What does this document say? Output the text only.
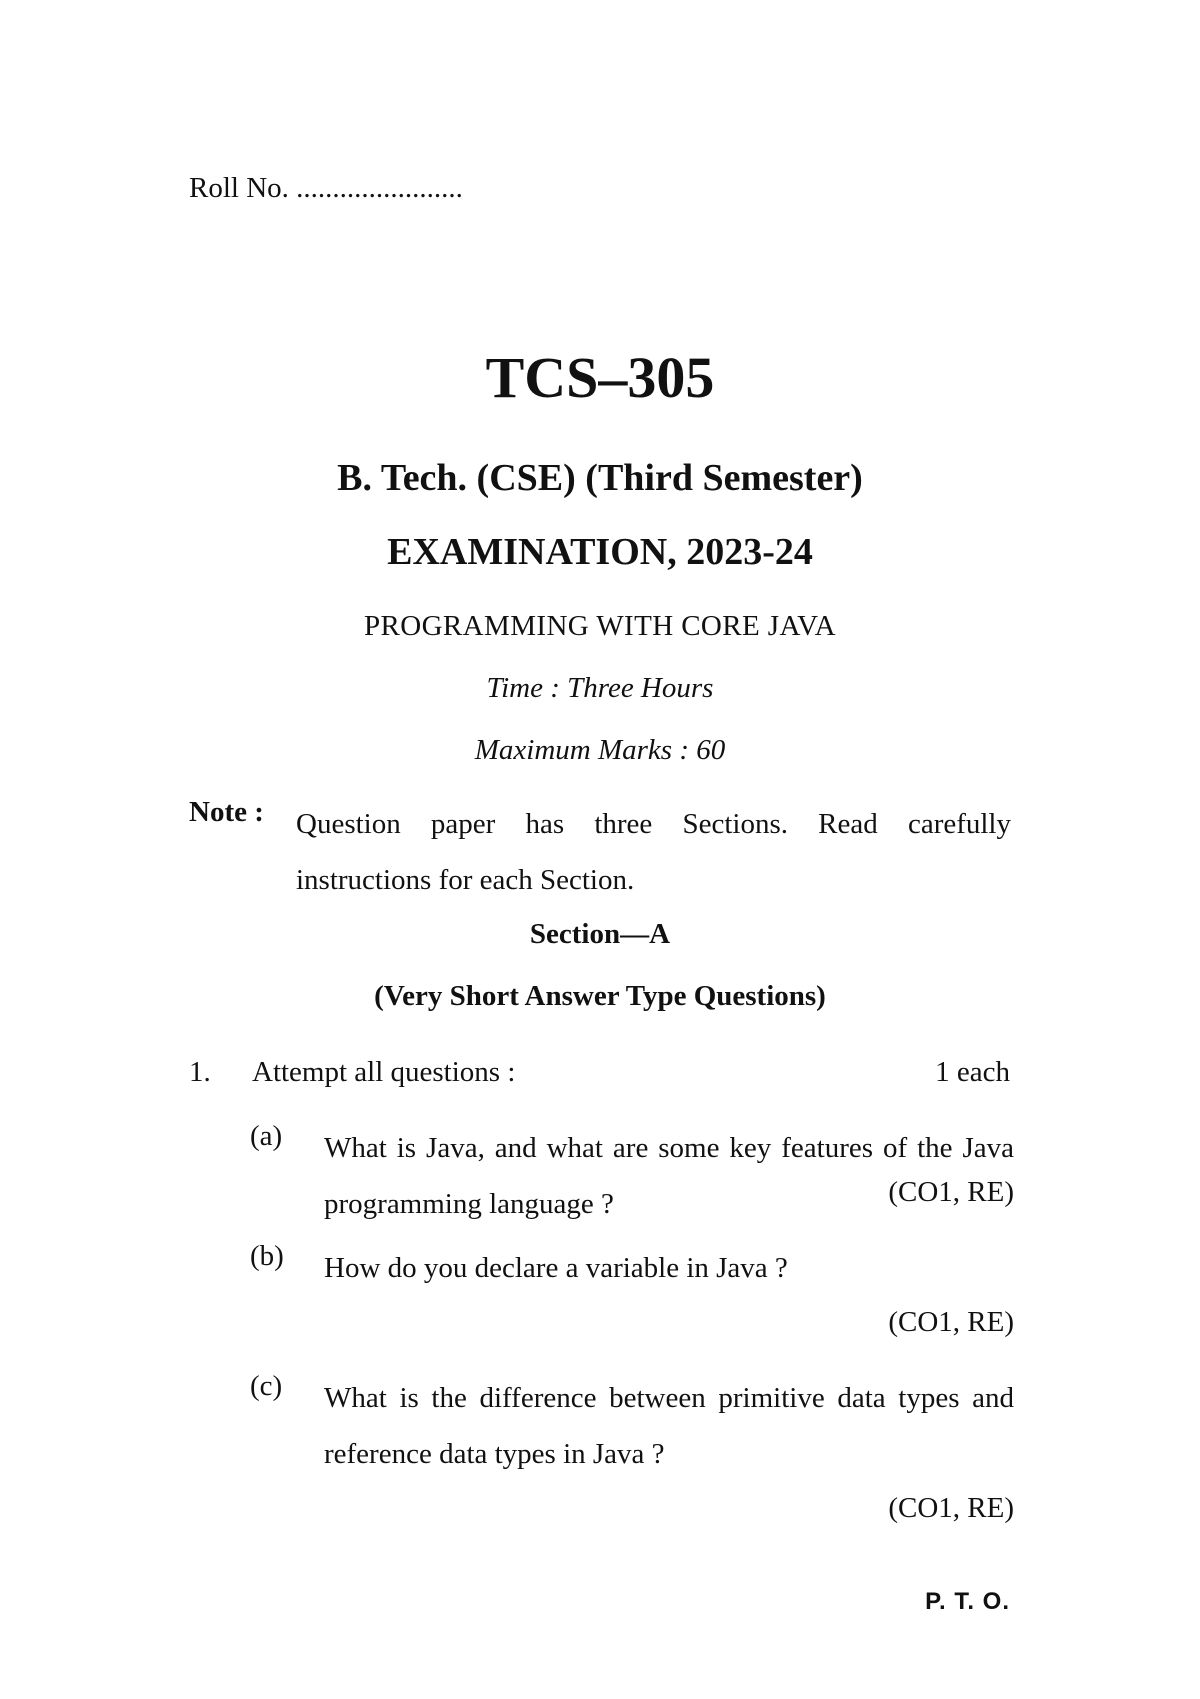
Roll No. .......................
TCS–305
B. Tech. (CSE) (Third Semester)
EXAMINATION, 2023-24
PROGRAMMING WITH CORE JAVA
Time : Three Hours
Maximum Marks : 60
Note : Question paper has three Sections. Read carefully instructions for each Section.
Section—A
(Very Short Answer Type Questions)
1. Attempt all questions :	1 each
(a) What is Java, and what are some key features of the Java programming language ?	(CO1, RE)
(b) How do you declare a variable in Java ?
(CO1, RE)
(c) What is the difference between primitive data types and reference data types in Java ?
(CO1, RE)
P. T. O.
